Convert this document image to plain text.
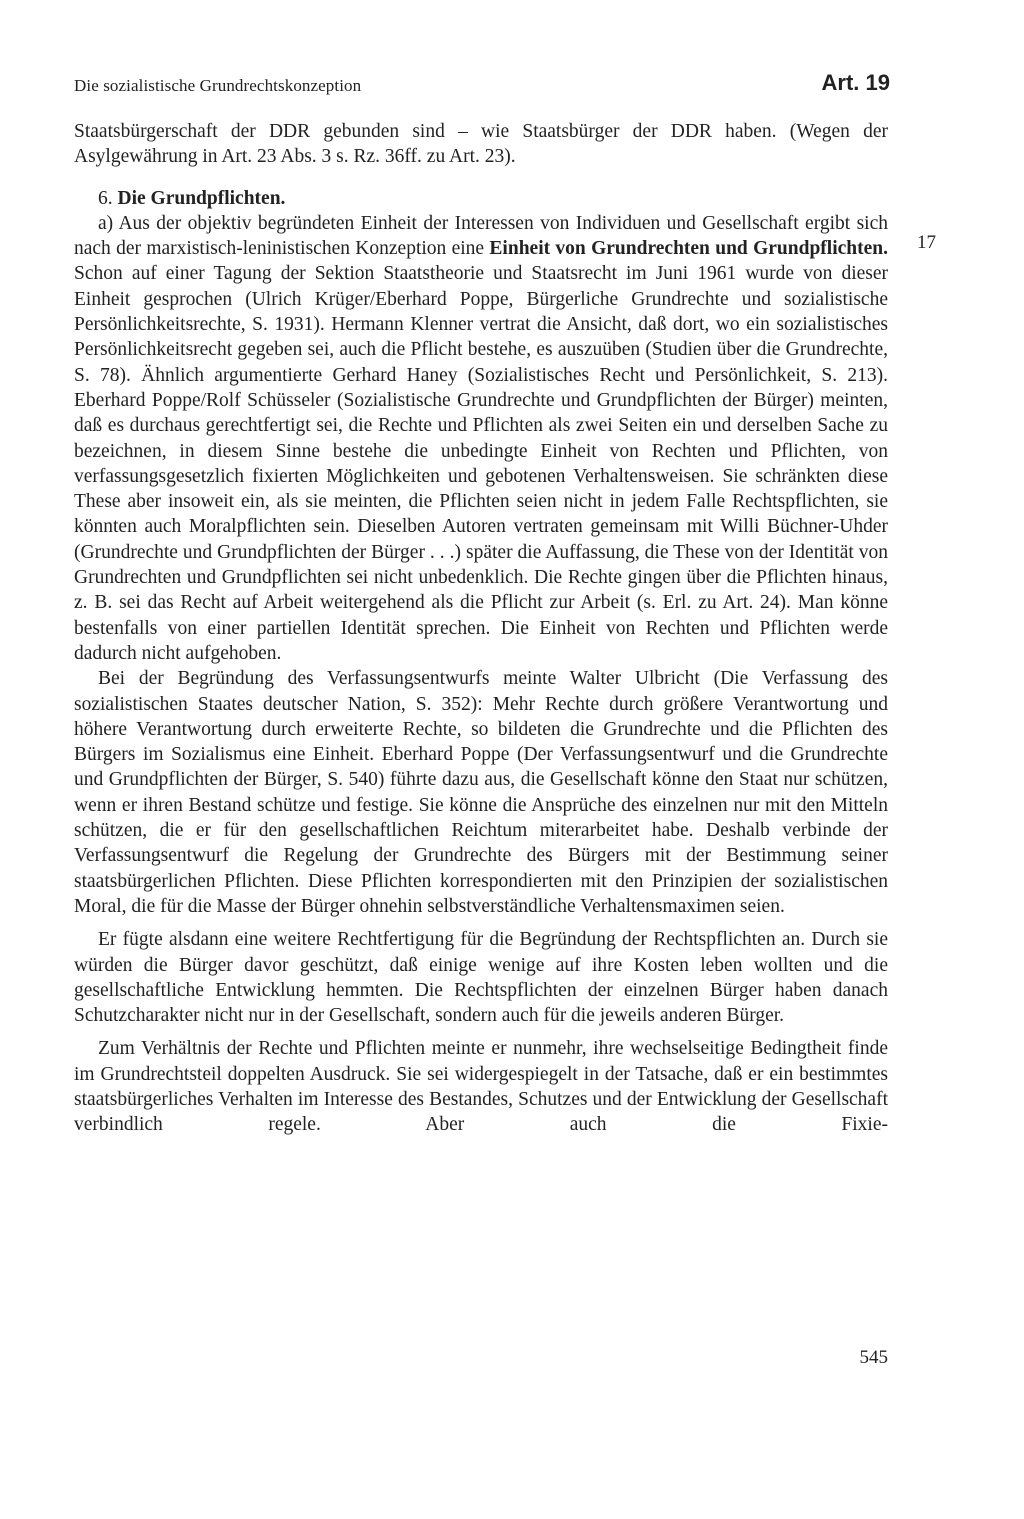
Die sozialistische Grundrechtskonzeption	Art. 19
17

Staatsbürgerschaft der DDR gebunden sind – wie Staatsbürger der DDR haben. (Wegen der Asylgewährung in Art. 23 Abs. 3 s. Rz. 36ff. zu Art. 23).

6. Die Grundpflichten.

a) Aus der objektiv begründeten Einheit der Interessen von Individuen und Gesellschaft ergibt sich nach der marxistisch-leninistischen Konzeption eine Einheit von Grundrechten und Grundpflichten. Schon auf einer Tagung der Sektion Staatstheorie und Staatsrecht im Juni 1961 wurde von dieser Einheit gesprochen (Ulrich Krüger/Eberhard Poppe, Bürgerliche Grundrechte und sozialistische Persönlichkeitsrechte, S. 1931). Hermann Klenner vertrat die Ansicht, daß dort, wo ein sozialistisches Persönlichkeitsrecht gegeben sei, auch die Pflicht bestehe, es auszuüben (Studien über die Grundrechte, S. 78). Ähnlich argumentierte Gerhard Haney (Sozialistisches Recht und Persönlichkeit, S. 213). Eberhard Poppe/Rolf Schüsseler (Sozialistische Grundrechte und Grundpflichten der Bürger) meinten, daß es durchaus gerechtfertigt sei, die Rechte und Pflichten als zwei Seiten ein und derselben Sache zu bezeichnen, in diesem Sinne bestehe die unbedingte Einheit von Rechten und Pflichten, von verfassungsgesetzlich fixierten Möglichkeiten und gebotenen Verhaltensweisen. Sie schränkten diese These aber insoweit ein, als sie meinten, die Pflichten seien nicht in jedem Falle Rechtspflichten, sie könnten auch Moralpflichten sein. Dieselben Autoren vertraten gemeinsam mit Willi Büchner-Uhder (Grundrechte und Grundpflichten der Bürger . . .) später die Auffassung, die These von der Identität von Grundrechten und Grundpflichten sei nicht unbedenklich. Die Rechte gingen über die Pflichten hinaus, z. B. sei das Recht auf Arbeit weitergehend als die Pflicht zur Arbeit (s. Erl. zu Art. 24). Man könne bestenfalls von einer partiellen Identität sprechen. Die Einheit von Rechten und Pflichten werde dadurch nicht aufgehoben.

Bei der Begründung des Verfassungsentwurfs meinte Walter Ulbricht (Die Verfassung des sozialistischen Staates deutscher Nation, S. 352): Mehr Rechte durch größere Verantwortung und höhere Verantwortung durch erweiterte Rechte, so bildeten die Grundrechte und die Pflichten des Bürgers im Sozialismus eine Einheit. Eberhard Poppe (Der Verfassungsentwurf und die Grundrechte und Grundpflichten der Bürger, S. 540) führte dazu aus, die Gesellschaft könne den Staat nur schützen, wenn er ihren Bestand schütze und festige. Sie könne die Ansprüche des einzelnen nur mit den Mitteln schützen, die er für den gesellschaftlichen Reichtum miterarbeitet habe. Deshalb verbinde der Verfassungsentwurf die Regelung der Grundrechte des Bürgers mit der Bestimmung seiner staatsbürgerlichen Pflichten. Diese Pflichten korrespondierten mit den Prinzipien der sozialistischen Moral, die für die Masse der Bürger ohnehin selbstverständliche Verhaltensmaximen seien.

Er fügte alsdann eine weitere Rechtfertigung für die Begründung der Rechtspflichten an. Durch sie würden die Bürger davor geschützt, daß einige wenige auf ihre Kosten leben wollten und die gesellschaftliche Entwicklung hemmten. Die Rechtspflichten der einzelnen Bürger haben danach Schutzcharakter nicht nur in der Gesellschaft, sondern auch für die jeweils anderen Bürger.

Zum Verhältnis der Rechte und Pflichten meinte er nunmehr, ihre wechselseitige Bedingtheit finde im Grundrechtsteil doppelten Ausdruck. Sie sei widergespiegelt in der Tatsache, daß er ein bestimmtes staatsbürgerliches Verhalten im Interesse des Bestandes, Schutzes und der Entwicklung der Gesellschaft verbindlich regele. Aber auch die Fixie-

545
